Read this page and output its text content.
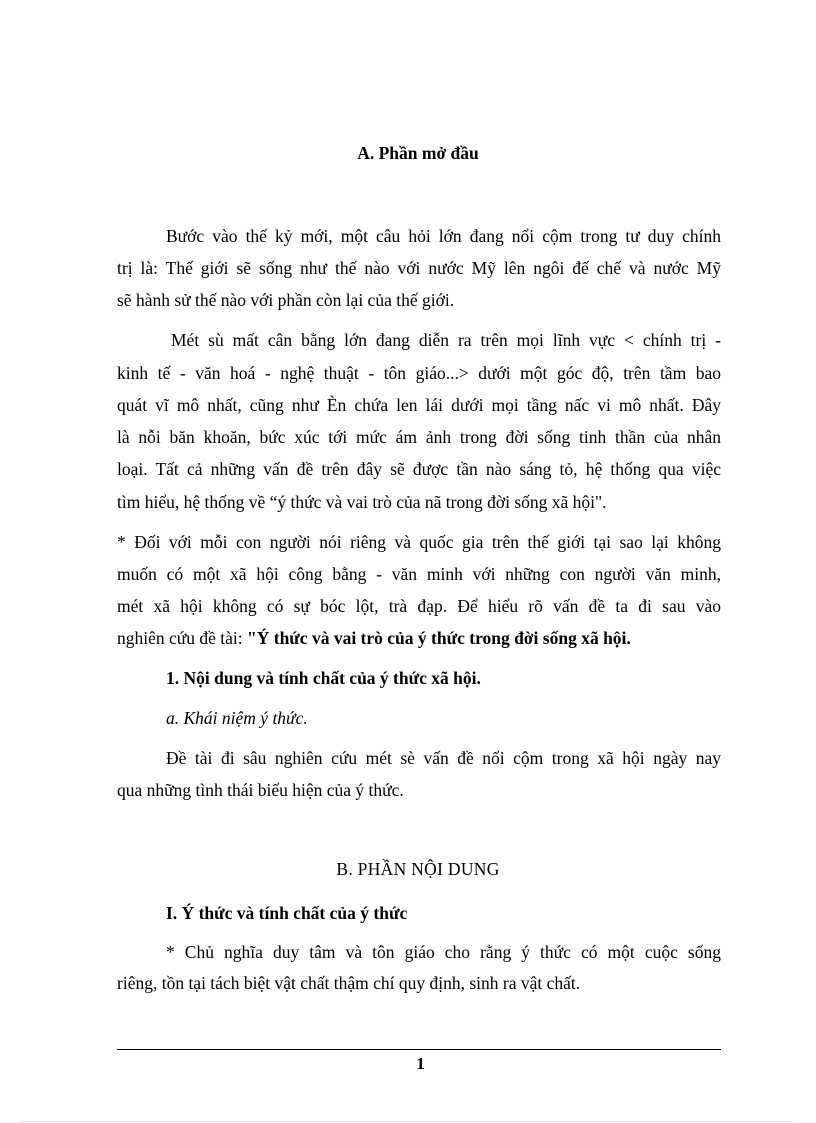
A. Phần mở đầu
Bước vào thế kỷ mới, một câu hỏi lớn đang nổi cộm trong tư duy chính
trị là: Thế giới sẽ sống như thế nào với nước Mỹ lên ngôi đế chế và nước Mỹ
sẽ hành sử thế nào với phần còn lại của thế giới.
Mét sù mất cân bằng lớn đang diễn ra trên mọi lĩnh vực < chính trị -
kinh tế - văn hoá - nghệ thuật - tôn giáo...> dưới một góc độ, trên tầm bao
quát vĩ mô nhất, cũng như Èn chứa len lái dưới mọi tầng nấc vi mô nhất. Đây
là nỗi băn khoăn, bức xúc tới mức ám ảnh trong đời sống tinh thần của nhân
loại. Tất cả những vấn đề trên đây sẽ được tần nào sáng tỏ, hệ thống qua việc
tìm hiểu, hệ thống về “ý thức và vai trò của nã trong đời sống xã hội".
* Đối với mỗi con người nói riêng và quốc gia trên thế giới tại sao lại không
muốn có một xã hội công bằng - văn minh với những con người văn minh,
mét xã hội không có sự bóc lột, trà đạp. Để hiểu rõ vấn đề ta đi sau vào
nghiên cứu đề tài: "Ý thức và vai trò của ý thức trong đời sống xã hội.
1. Nội dung và tính chất của ý thức xã hội.
a. Khái niệm ý thức.
Đề tài đi sâu nghiên cứu mét sè vấn đề nổi cộm trong xã hội ngày nay
qua những tình thái biểu hiện của ý thức.
B. PHẦN NỘI DUNG
I. Ý thức và tính chất của ý thức
* Chủ nghĩa duy tâm và tôn giáo cho rằng ý thức có một cuộc sống
riêng, tồn tại tách biệt vật chất thậm chí quy định, sinh ra vật chất.
1
